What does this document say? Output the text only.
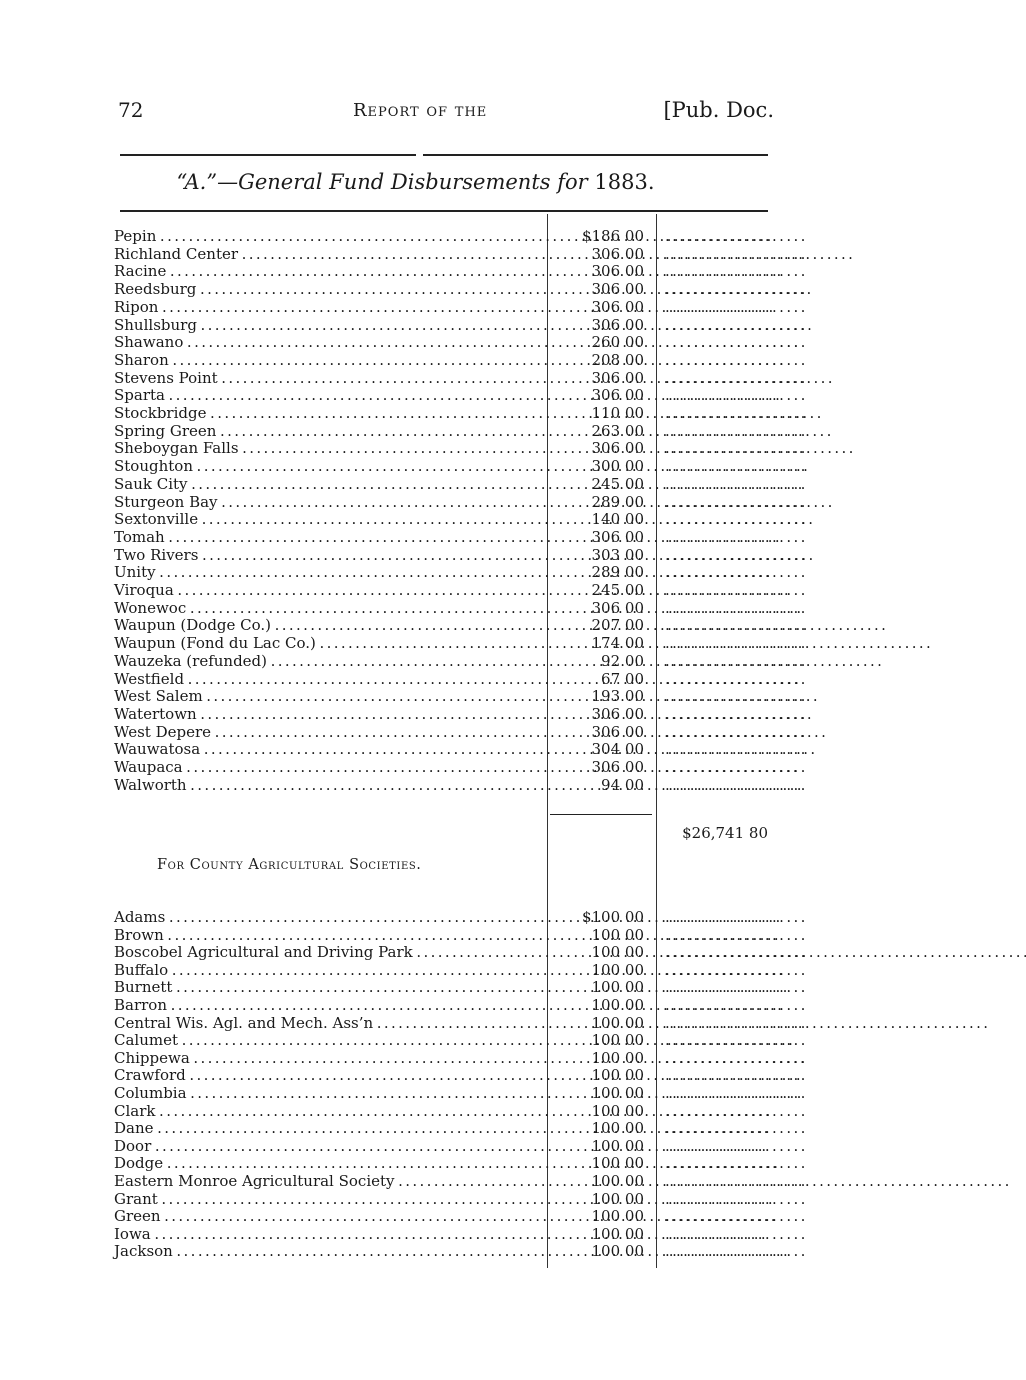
72	Report of the	[Pub. Doc.
“A.”—General Fund Disbursements for 1883.
Pepin . . .	$186 00 . . . . . . . . . . . . . . . . . . . .
Richland Center . . .	306 00 . . . . . . . . . . . . . . . . . . . .
Racine . . .	306 00 . . . . . . . . . . . . . . . . . . . .
Reedsburg . . .	306 00 . . . . . . . . . . . . . . . . . . . .
Ripon . . .	306 00 . . . . . . . . . . . . . . . . . . . .
Shullsburg . . .	306 00 . . . . . . . . . . . . . . . . . . . .
Shawano . . .	260 00 . . . . . . . . . . . . . . . . . . . .
Sharon . . .	208 00 . . . . . . . . . . . . . . . . . . . .
Stevens Point . . .	306 00 . . . . . . . . . . . . . . . . . . . .
Sparta . . .	306 00 . . . . . . . . . . . . . . . . . . . .
Stockbridge . . .	110 00 . . . . . . . . . . . . . . . . . . . .
Spring Green . . .	263 00 . . . . . . . . . . . . . . . . . . . .
Sheboygan Falls . . .	306 00 . . . . . . . . . . . . . . . . . . . .
Stoughton . . .	300 00 . . . . . . . . . . . . . . . . . . . .
Sauk City . . .	245 00 . . . . . . . . . . . . . . . . . . . .
Sturgeon Bay . . .	289 00 . . . . . . . . . . . . . . . . . . . .
Sextonville . . .	140 00 . . . . . . . . . . . . . . . . . . . .
Tomah . . .	306 00 . . . . . . . . . . . . . . . . . . . .
Two Rivers . . .	303 00 . . . . . . . . . . . . . . . . . . . .
Unity . . .	289 00 . . . . . . . . . . . . . . . . . . . .
Viroqua . . .	245 00 . . . . . . . . . . . . . . . . . . . .
Wonewoc . . .	306 00 . . . . . . . . . . . . . . . . . . . .
Waupun (Dodge Co.) . . .	207 00 . . . . . . . . . . . . . . . . . . . .
Waupun (Fond du Lac Co.) . . .	174 00 . . . . . . . . . . . . . . . . . . . .
Wauzeka (refunded) . . .	92 00 . . . . . . . . . . . . . . . . . . . .
Westfield . . .	67 00 . . . . . . . . . . . . . . . . . . . .
West Salem . . .	193 00 . . . . . . . . . . . . . . . . . . . .
Watertown . . .	306 00 . . . . . . . . . . . . . . . . . . . .
West Depere . . .	306 00 . . . . . . . . . . . . . . . . . . . .
Wauwatosa . . .	304 00 . . . . . . . . . . . . . . . . . . . .
Waupaca . . .	306 00 . . . . . . . . . . . . . . . . . . . .
Walworth . . .	94 00 . . . . . . . . . . . . . . . . . . . .
$26,741 80
For County Agricultural Societies.
Adams . . .	$100 00 . . . . . . . . . . . . . . . . . . . .
Brown . . .	100 00 . . . . . . . . . . . . . . . . . . . .
Boscobel Agricultural and Driving Park . . .	100 00 . . . . . . . . . . . . . . . . . . . .
Buffalo . . .	100 00 . . . . . . . . . . . . . . . . . . . .
Burnett . . .	100 00 . . . . . . . . . . . . . . . . . . . .
Barron . . .	100 00 . . . . . . . . . . . . . . . . . . . .
Central Wis. Agl. and Mech. Ass’n . . .	100 00 . . . . . . . . . . . . . . . . . . . .
Calumet . . .	100 00 . . . . . . . . . . . . . . . . . . . .
Chippewa . . .	100 00 . . . . . . . . . . . . . . . . . . . .
Crawford . . .	100 00 . . . . . . . . . . . . . . . . . . . .
Columbia . . .	100 00 . . . . . . . . . . . . . . . . . . . .
Clark . . .	100 00 . . . . . . . . . . . . . . . . . . . .
Dane . . .	100 00 . . . . . . . . . . . . . . . . . . . .
Door . . .	100 00 . . . . . . . . . . . . . . . . . . . .
Dodge . . .	100 00 . . . . . . . . . . . . . . . . . . . .
Eastern Monroe Agricultural Society . . .	100 00 . . . . . . . . . . . . . . . . . . . .
Grant . . .	100 00 . . . . . . . . . . . . . . . . . . . .
Green . . .	100 00 . . . . . . . . . . . . . . . . . . . .
Iowa . . .	100 00 . . . . . . . . . . . . . . . . . . . .
Jackson . . .	100 00 . . . . . . . . . . . . . . . . . . . .
